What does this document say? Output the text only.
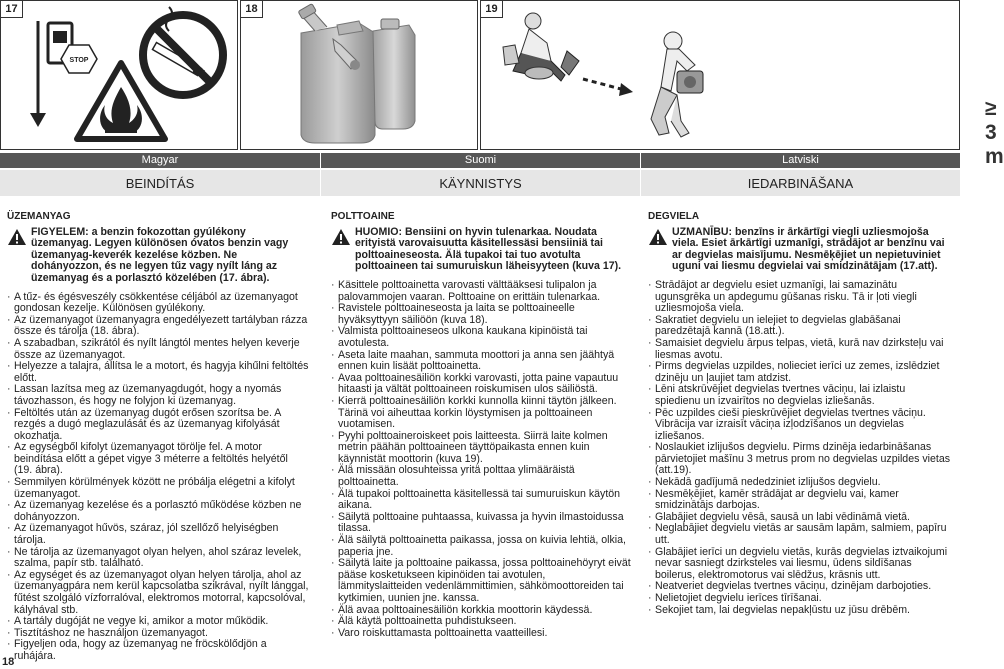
17
STOP
18	19
≥ 3 m
Magyar	Suomi	Latviski
BEINDÍTÁS	KÄYNNISTYS	IEDARBINĀŠANA
ÜZEMANYAG
FIGYELEM: a benzin fokozottan gyúlékony üzemanyag. Legyen különösen óvatos benzin vagy üzemanyag-keverék kezelése közben. Ne dohányozzon, és ne legyen tűz vagy nyílt láng az üzemanyag és a porlasztó közelében (17. ábra).
· A tűz- és égésveszély csökkentése céljából az üzemanyagot gondosan kezelje. Különösen gyúlékony.
· Az üzemanyagot üzemanyagra engedélyezett tartályban rázza össze és tárolja (18. ábra).
· A szabadban, szikrától és nyílt lángtól mentes helyen keverje össze az üzemanyagot.
· Helyezze a talajra, állítsa le a motort, és hagyja kihűlni feltöltés előtt.
· Lassan lazítsa meg az üzemanyagdugót, hogy a nyomás távozhasson, és hogy ne folyjon ki üzemanyag.
· Feltöltés után az üzemanyag dugót erősen szorítsa be. A rezgés a dugó meglazulását és az üzemanyag kifolyását okozhatja.
· Az egységből kifolyt üzemanyagot törölje fel. A motor beindítása előtt a gépet vigye 3 méterre a feltöltés helyétől (19. ábra).
· Semmilyen körülmények között ne próbálja elégetni a kifolyt üzemanyagot.
· Az üzemanyag kezelése és a porlasztó működése közben ne dohányozzon.
· Az üzemanyagot hűvös, száraz, jól szellőző helyiségben tárolja.
· Ne tárolja az üzemanyagot olyan helyen, ahol száraz levelek, szalma, papír stb. található.
· Az egységet és az üzemanyagot olyan helyen tárolja, ahol az üzemanyagpára nem kerül kapcsolatba szikrával, nyílt lánggal, fűtést szolgáló vízforralóval, elektromos motorral, kapcsolóval, kályhával stb.
· A tartály dugóját ne vegye ki, amikor a motor működik.
· Tisztításhoz ne használjon üzemanyagot.
· Figyeljen oda, hogy az üzemanyag ne fröcskölődjön a ruhájára.
POLTTOAINE
HUOMIO: Bensiini on hyvin tulenarkaa. Noudata erityistä varovaisuutta käsitellessäsi bensiiniä tai polttoaineseosta. Älä tupakoi tai tuo avotulta polttoaineen tai sumuruiskun läheisyyteen (kuva 17).
· Käsittele polttoainetta varovasti välttääksesi tulipalon ja palovammojen vaaran. Polttoaine on erittäin tulenarkaa.
· Ravistele polttoaineseosta ja laita se polttoaineelle hyväksyttyyn säiliöön (kuva 18).
· Valmista polttoaineseos ulkona kaukana kipinöistä tai avotulesta.
· Aseta laite maahan, sammuta moottori ja anna sen jäähtyä ennen kuin lisäät polttoainetta.
· Avaa polttoainesäiliön korkki varovasti, jotta paine vapautuu hitaasti ja vältät polttoaineen roiskumisen ulos säiliöstä.
· Kierrä polttoainesäiliön korkki kunnolla kiinni täytön jälkeen. Tärinä voi aiheuttaa korkin löystymisen ja polttoaineen vuotamisen.
· Pyyhi polttoaineroiskeet pois laitteesta. Siirrä laite kolmen metrin päähän polttoaineen täyttöpaikasta ennen kuin käynnistät moottorin (kuva 19).
· Älä missään olosuhteissa yritä polttaa ylimääräistä polttoainetta.
· Älä tupakoi polttoainetta käsitellessä tai sumuruiskun käytön aikana.
· Säilytä polttoaine puhtaassa, kuivassa ja hyvin ilmastoidussa tilassa.
· Älä säilytä polttoainetta paikassa, jossa on kuivia lehtiä, olkia, paperia jne.
· Säilytä laite ja polttoaine paikassa, jossa polttoainehöyryt eivät pääse kosketukseen kipinöiden tai avotulen, lämmityslaitteiden vedenlämmittimien, sähkömoottoreiden tai kytkimien, uunien jne. kanssa.
· Älä avaa polttoainesäiliön korkkia moottorin käydessä.
· Älä käytä polttoainetta puhdistukseen.
· Varo roiskuttamasta polttoainetta vaatteillesi.
DEGVIELA
UZMANĪBU: benzīns ir ārkārtīgi viegli uzliesmojoša viela. Esiet ārkārtīgi uzmanīgi, strādājot ar benzīnu vai ar degvielas maisījumu. Nesmēķējiet un nepietuviniet uguni vai liesmu degvielai vai smidzinātājam (17.att).
· Strādājot ar degvielu esiet uzmanīgi, lai samazinātu ugunsgrēka un apdegumu gūšanas risku. Tā ir ļoti viegli uzliesmojoša viela.
· Sakratiet degvielu un ielejiet to degvielas glabāšanai paredzētajā kannā (18.att.).
· Samaisiet degvielu ārpus telpas, vietā, kurā nav dzirksteļu vai liesmas avotu.
· Pirms degvielas uzpildes, nolieciet ierīci uz zemes, izslēdziet dzinēju un ļaujiet tam atdzist.
· Lēni atskrūvējiet degvielas tvertnes vāciņu, lai izlaistu spiedienu un izvairītos no degvielas izliešanās.
· Pēc uzpildes cieši pieskrūvējiet degvielas tvertnes vāciņu. Vibrācija var izraisīt vāciņa izļodzīšanos un degvielas izliešanos.
· Noslaukiet izlijušos degvielu. Pirms dzinēja iedarbināšanas pārvietojiet mašīnu 3 metrus prom no degvielas uzpildes vietas (att.19).
· Nekādā gadījumā nededziniet izlijušos degvielu.
· Nesmēķējiet, kamēr strādājat ar degvielu vai, kamer smidzinātājs darbojas.
· Glabājiet degvielu vēsā, sausā un labi vēdināmā vietā.
· Neglabājiet degvielu vietās ar sausām lapām, salmiem, papīru utt.
· Glabājiet ierīci un degvielu vietās, kurās degvielas iztvaikojumi nevar sasniegt dzirksteles vai liesmu, ūdens sildīšanas boilerus, elektromotorus vai slēdžus, krāsnis utt.
· Neatveriet degvielas tvertnes vāciņu, dzinējam darbojoties.
· Nelietojiet degvielu ierīces tīrīšanai.
· Sekojiet tam, lai degvielas nepakļūstu uz jūsu drēbēm.
18
